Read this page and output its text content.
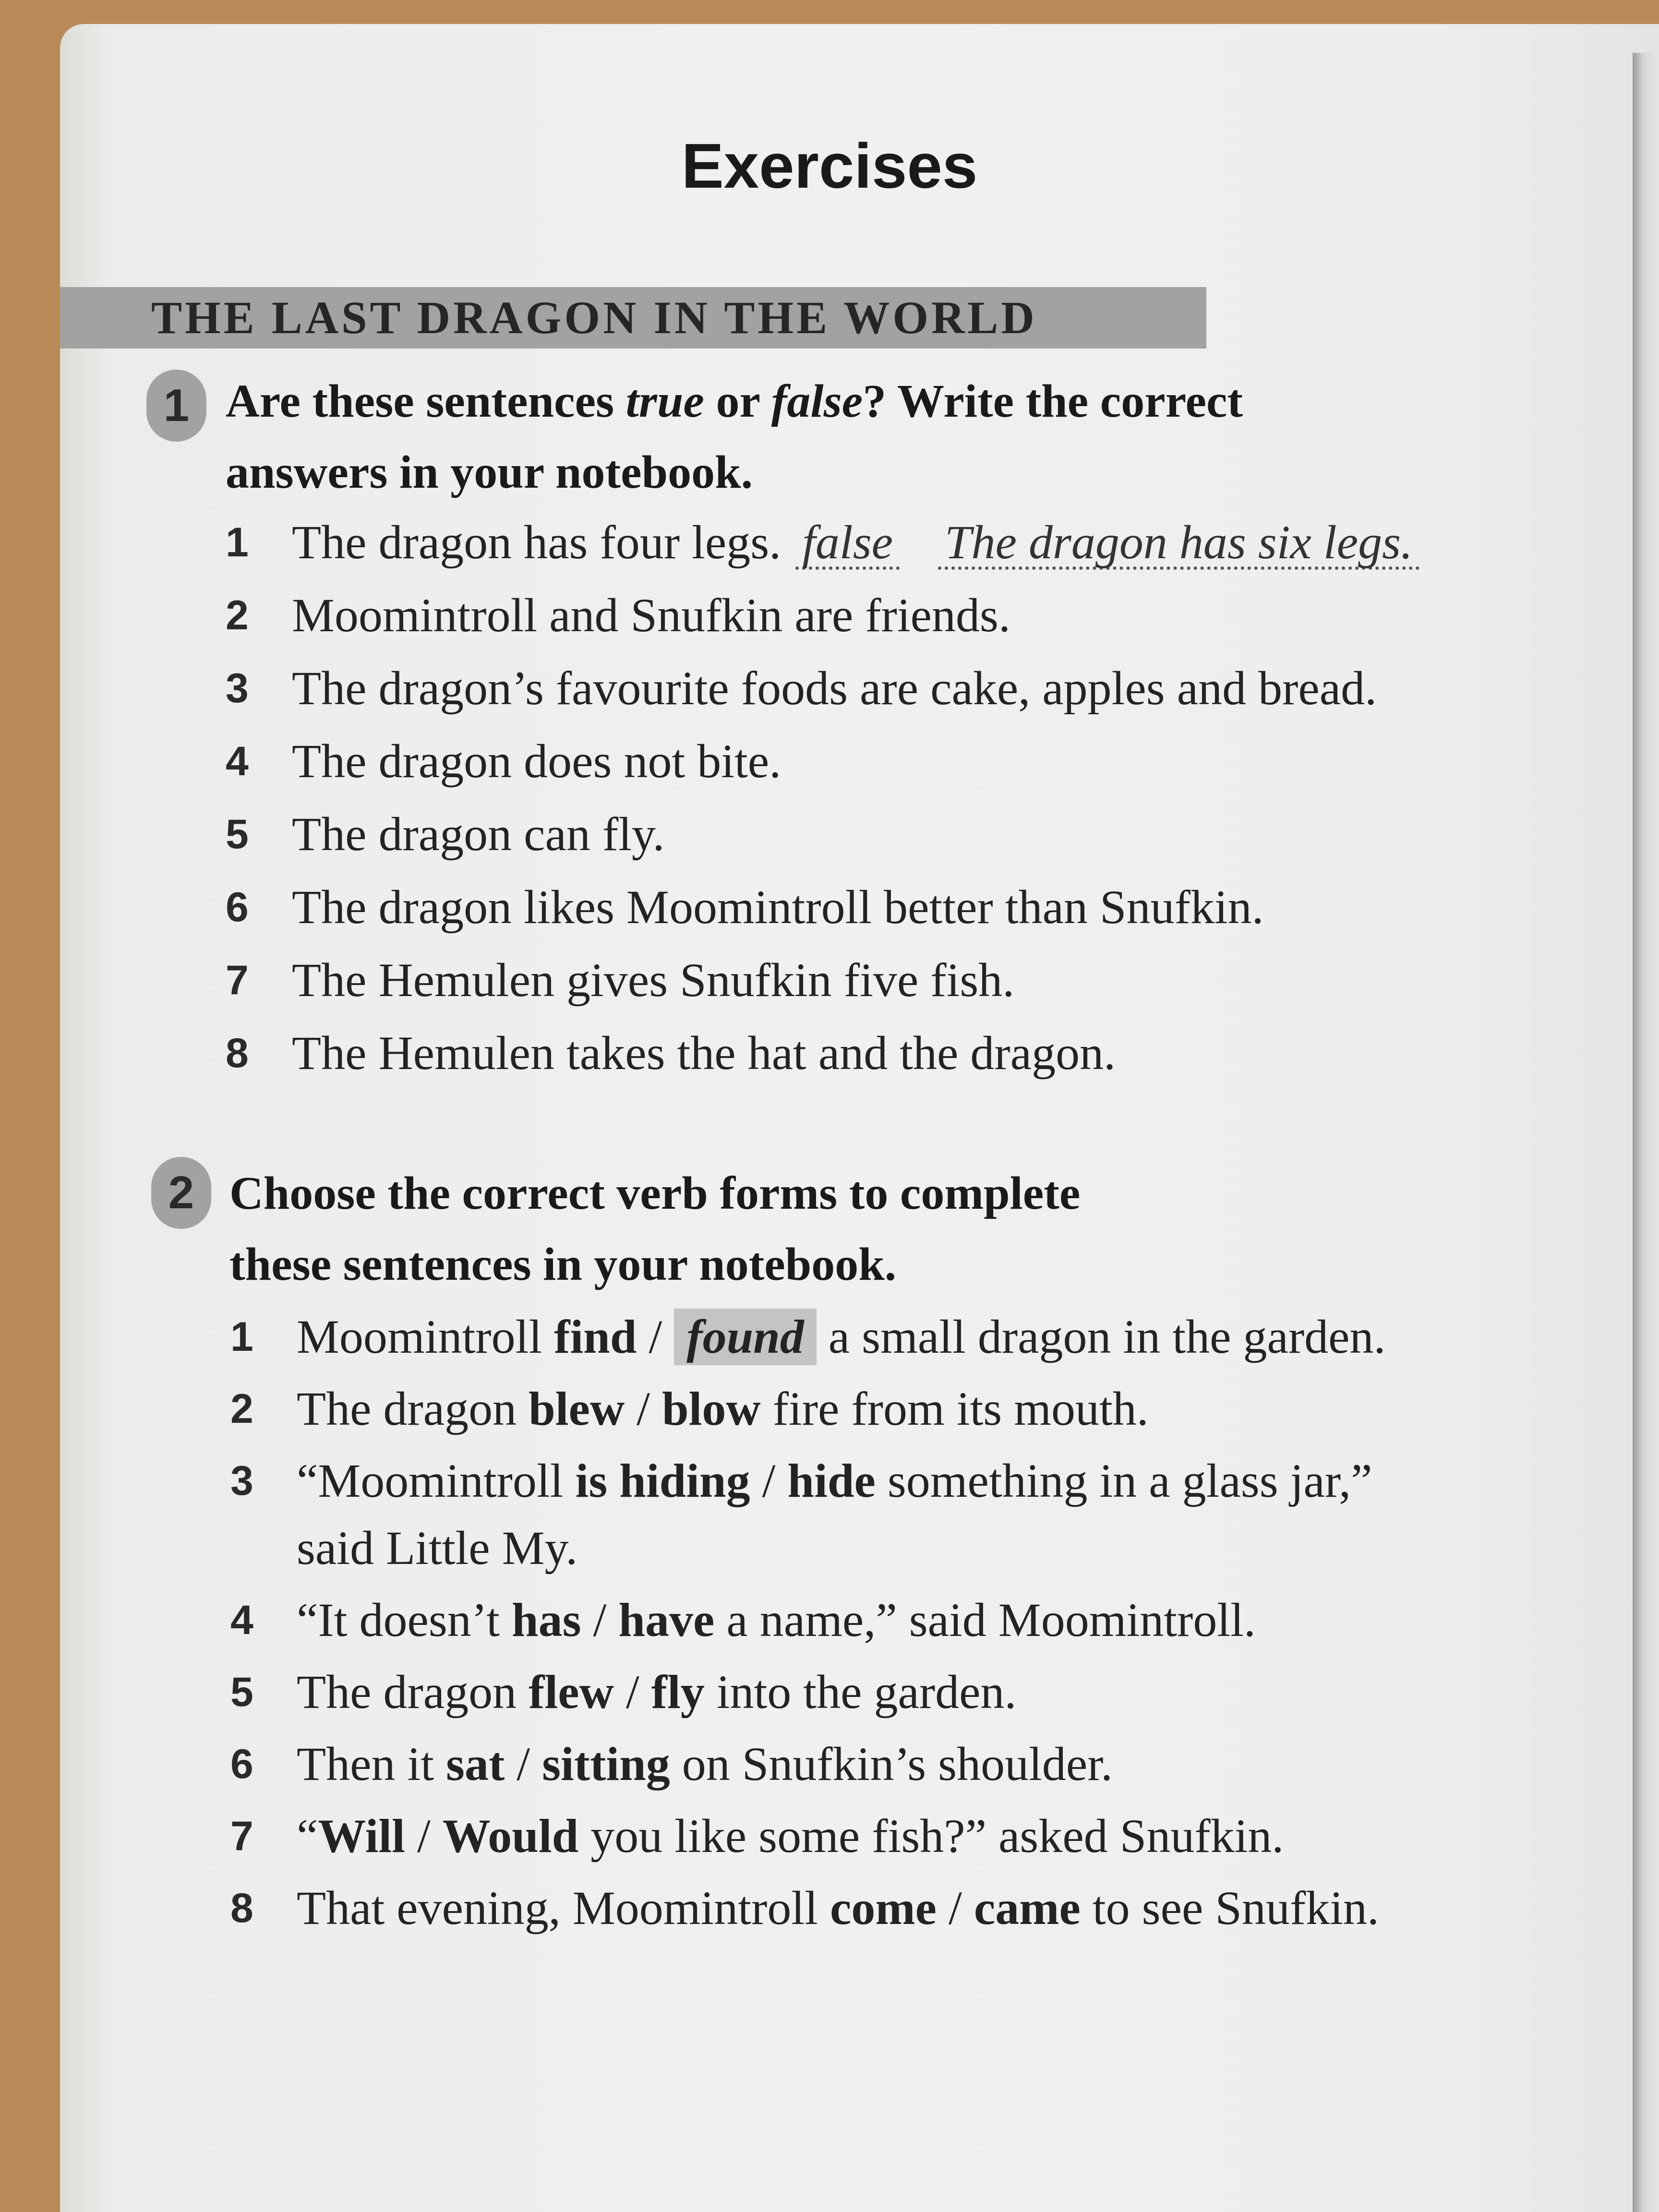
Exercises
THE LAST DRAGON IN THE WORLD
1 Are these sentences true or false? Write the correct
answers in your notebook.
1 The dragon has four legs. false The dragon has six legs.
2 Moomintroll and Snufkin are friends.
3 The dragon’s favourite foods are cake, apples and bread.
4 The dragon does not bite.
5 The dragon can fly.
6 The dragon likes Moomintroll better than Snufkin.
7 The Hemulen gives Snufkin five fish.
8 The Hemulen takes the hat and the dragon.
2 Choose the correct verb forms to complete
these sentences in your notebook.
1 Moomintroll find / found a small dragon in the garden.
2 The dragon blew / blow fire from its mouth.
3 “Moomintroll is hiding / hide something in a glass jar,”
said Little My.
4 “It doesn’t has / have a name,” said Moomintroll.
5 The dragon flew / fly into the garden.
6 Then it sat / sitting on Snufkin’s shoulder.
7 “Will / Would you like some fish?” asked Snufkin.
8 That evening, Moomintroll come / came to see Snufkin.
